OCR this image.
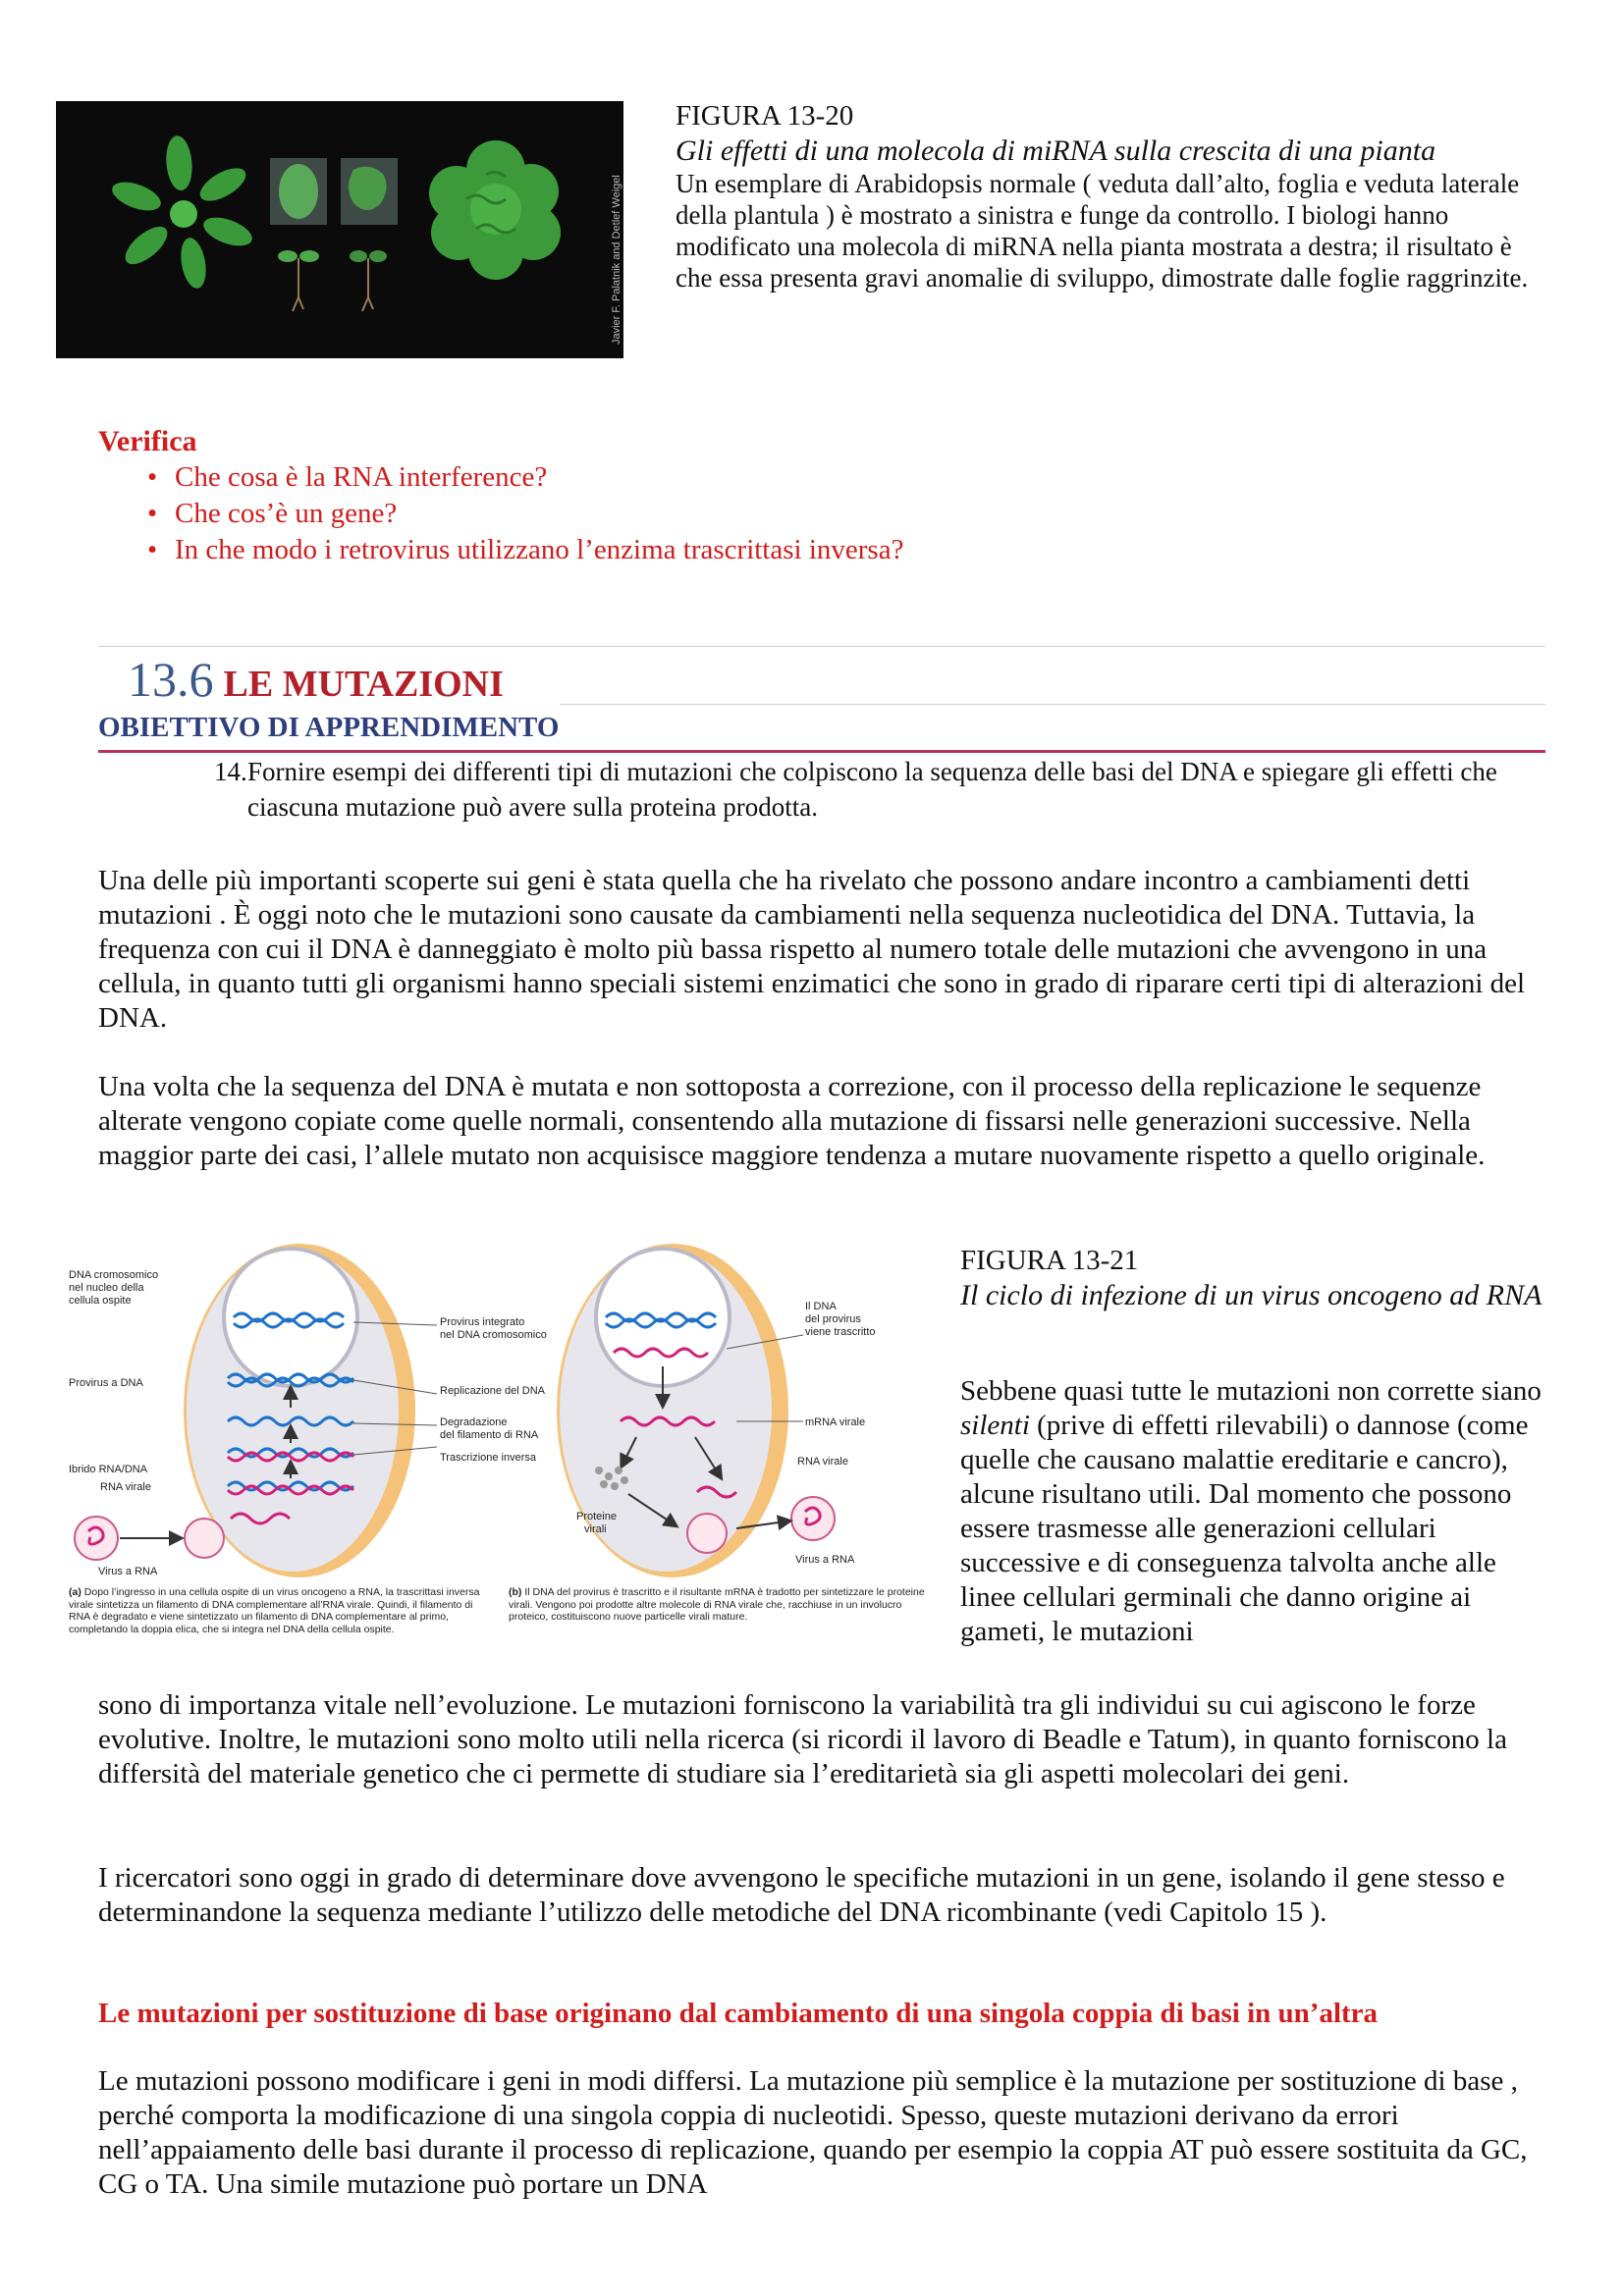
Javier F. Palatnik and Detlef Weigel
FIGURA 13-20
Gli effetti di una molecola di miRNA sulla crescita di una pianta
Un esemplare di Arabidopsis normale ( veduta dall’alto, foglia e veduta laterale della plantula ) è mostrato a sinistra e funge da controllo. I biologi hanno modificato una molecola di miRNA nella pianta mostrata a destra; il risultato è che essa presenta gravi anomalie di sviluppo, dimostrate dalle foglie raggrinzite.
Verifica
• Che cosa è la RNA interference?
• Che cos’è un gene?
• In che modo i retrovirus utilizzano l’enzima trascrittasi inversa?
13.6 LE MUTAZIONI
OBIETTIVO DI APPRENDIMENTO
14. Fornire esempi dei differenti tipi di mutazioni che colpiscono la sequenza delle basi del DNA e spiegare gli effetti che ciascuna mutazione può avere sulla proteina prodotta.

Una delle più importanti scoperte sui geni è stata quella che ha rivelato che possono andare incontro a cambiamenti detti mutazioni . È oggi noto che le mutazioni sono causate da cambiamenti nella sequenza nucleotidica del DNA. Tuttavia, la frequenza con cui il DNA è danneggiato è molto più bassa rispetto al numero totale delle mutazioni che avvengono in una cellula, in quanto tutti gli organismi hanno speciali sistemi enzimatici che sono in grado di riparare certi tipi di alterazioni del DNA.

Una volta che la sequenza del DNA è mutata e non sottoposta a correzione, con il processo della replicazione le sequenze alterate vengono copiate come quelle normali, consentendo alla mutazione di fissarsi nelle generazioni successive. Nella maggior parte dei casi, l’allele mutato non acquisisce maggiore tendenza a mutare nuovamente rispetto a quello originale.

DNA cromosomico nel nucleo della cellula ospite
Provirus a DNA
Ibrido RNA/DNA
RNA virale
Virus a RNA
Provirus integrato nel DNA cromosomico
Replicazione del DNA
Degradazione del filamento di RNA
Trascrizione inversa
Proteine virali
Il DNA del provirus viene trascritto
mRNA virale
RNA virale
Virus a RNA
(a) Dopo l’ingresso in una cellula ospite di un virus oncogeno a RNA, la trascrittasi inversa virale sintetizza un filamento di DNA complementare all’RNA virale. Quindi, il filamento di RNA è degradato e viene sintetizzato un filamento di DNA complementare al primo, completando la doppia elica, che si integra nel DNA della cellula ospite.
(b) Il DNA del provirus è trascritto e il risultante mRNA è tradotto per sintetizzare le proteine virali. Vengono poi prodotte altre molecole di RNA virale che, racchiuse in un involucro proteico, costituiscono nuove particelle virali mature.
FIGURA 13-21
Il ciclo di infezione di un virus oncogeno ad RNA

Sebbene quasi tutte le mutazioni non corrette siano silenti (prive di effetti rilevabili) o dannose (come quelle che causano malattie ereditarie e cancro), alcune risultano utili. Dal momento che possono essere trasmesse alle generazioni cellulari successive e di conseguenza talvolta anche alle linee cellulari germinali che danno origine ai gameti, le mutazioni

sono di importanza vitale nell’evoluzione. Le mutazioni forniscono la variabilità tra gli individui su cui agiscono le forze evolutive. Inoltre, le mutazioni sono molto utili nella ricerca (si ricordi il lavoro di Beadle e Tatum), in quanto forniscono la differsità del materiale genetico che ci permette di studiare sia l’ereditarietà sia gli aspetti molecolari dei geni.

I ricercatori sono oggi in grado di determinare dove avvengono le specifiche mutazioni in un gene, isolando il gene stesso e determinandone la sequenza mediante l’utilizzo delle metodiche del DNA ricombinante (vedi Capitolo 15 ).

Le mutazioni per sostituzione di base originano dal cambiamento di una singola coppia di basi in un’altra

Le mutazioni possono modificare i geni in modi differsi. La mutazione più semplice è la mutazione per sostituzione di base , perché comporta la modificazione di una singola coppia di nucleotidi. Spesso, queste mutazioni derivano da errori nell’appaiamento delle basi durante il processo di replicazione, quando per esempio la coppia AT può essere sostituita da GC, CG o TA. Una simile mutazione può portare un DNA
